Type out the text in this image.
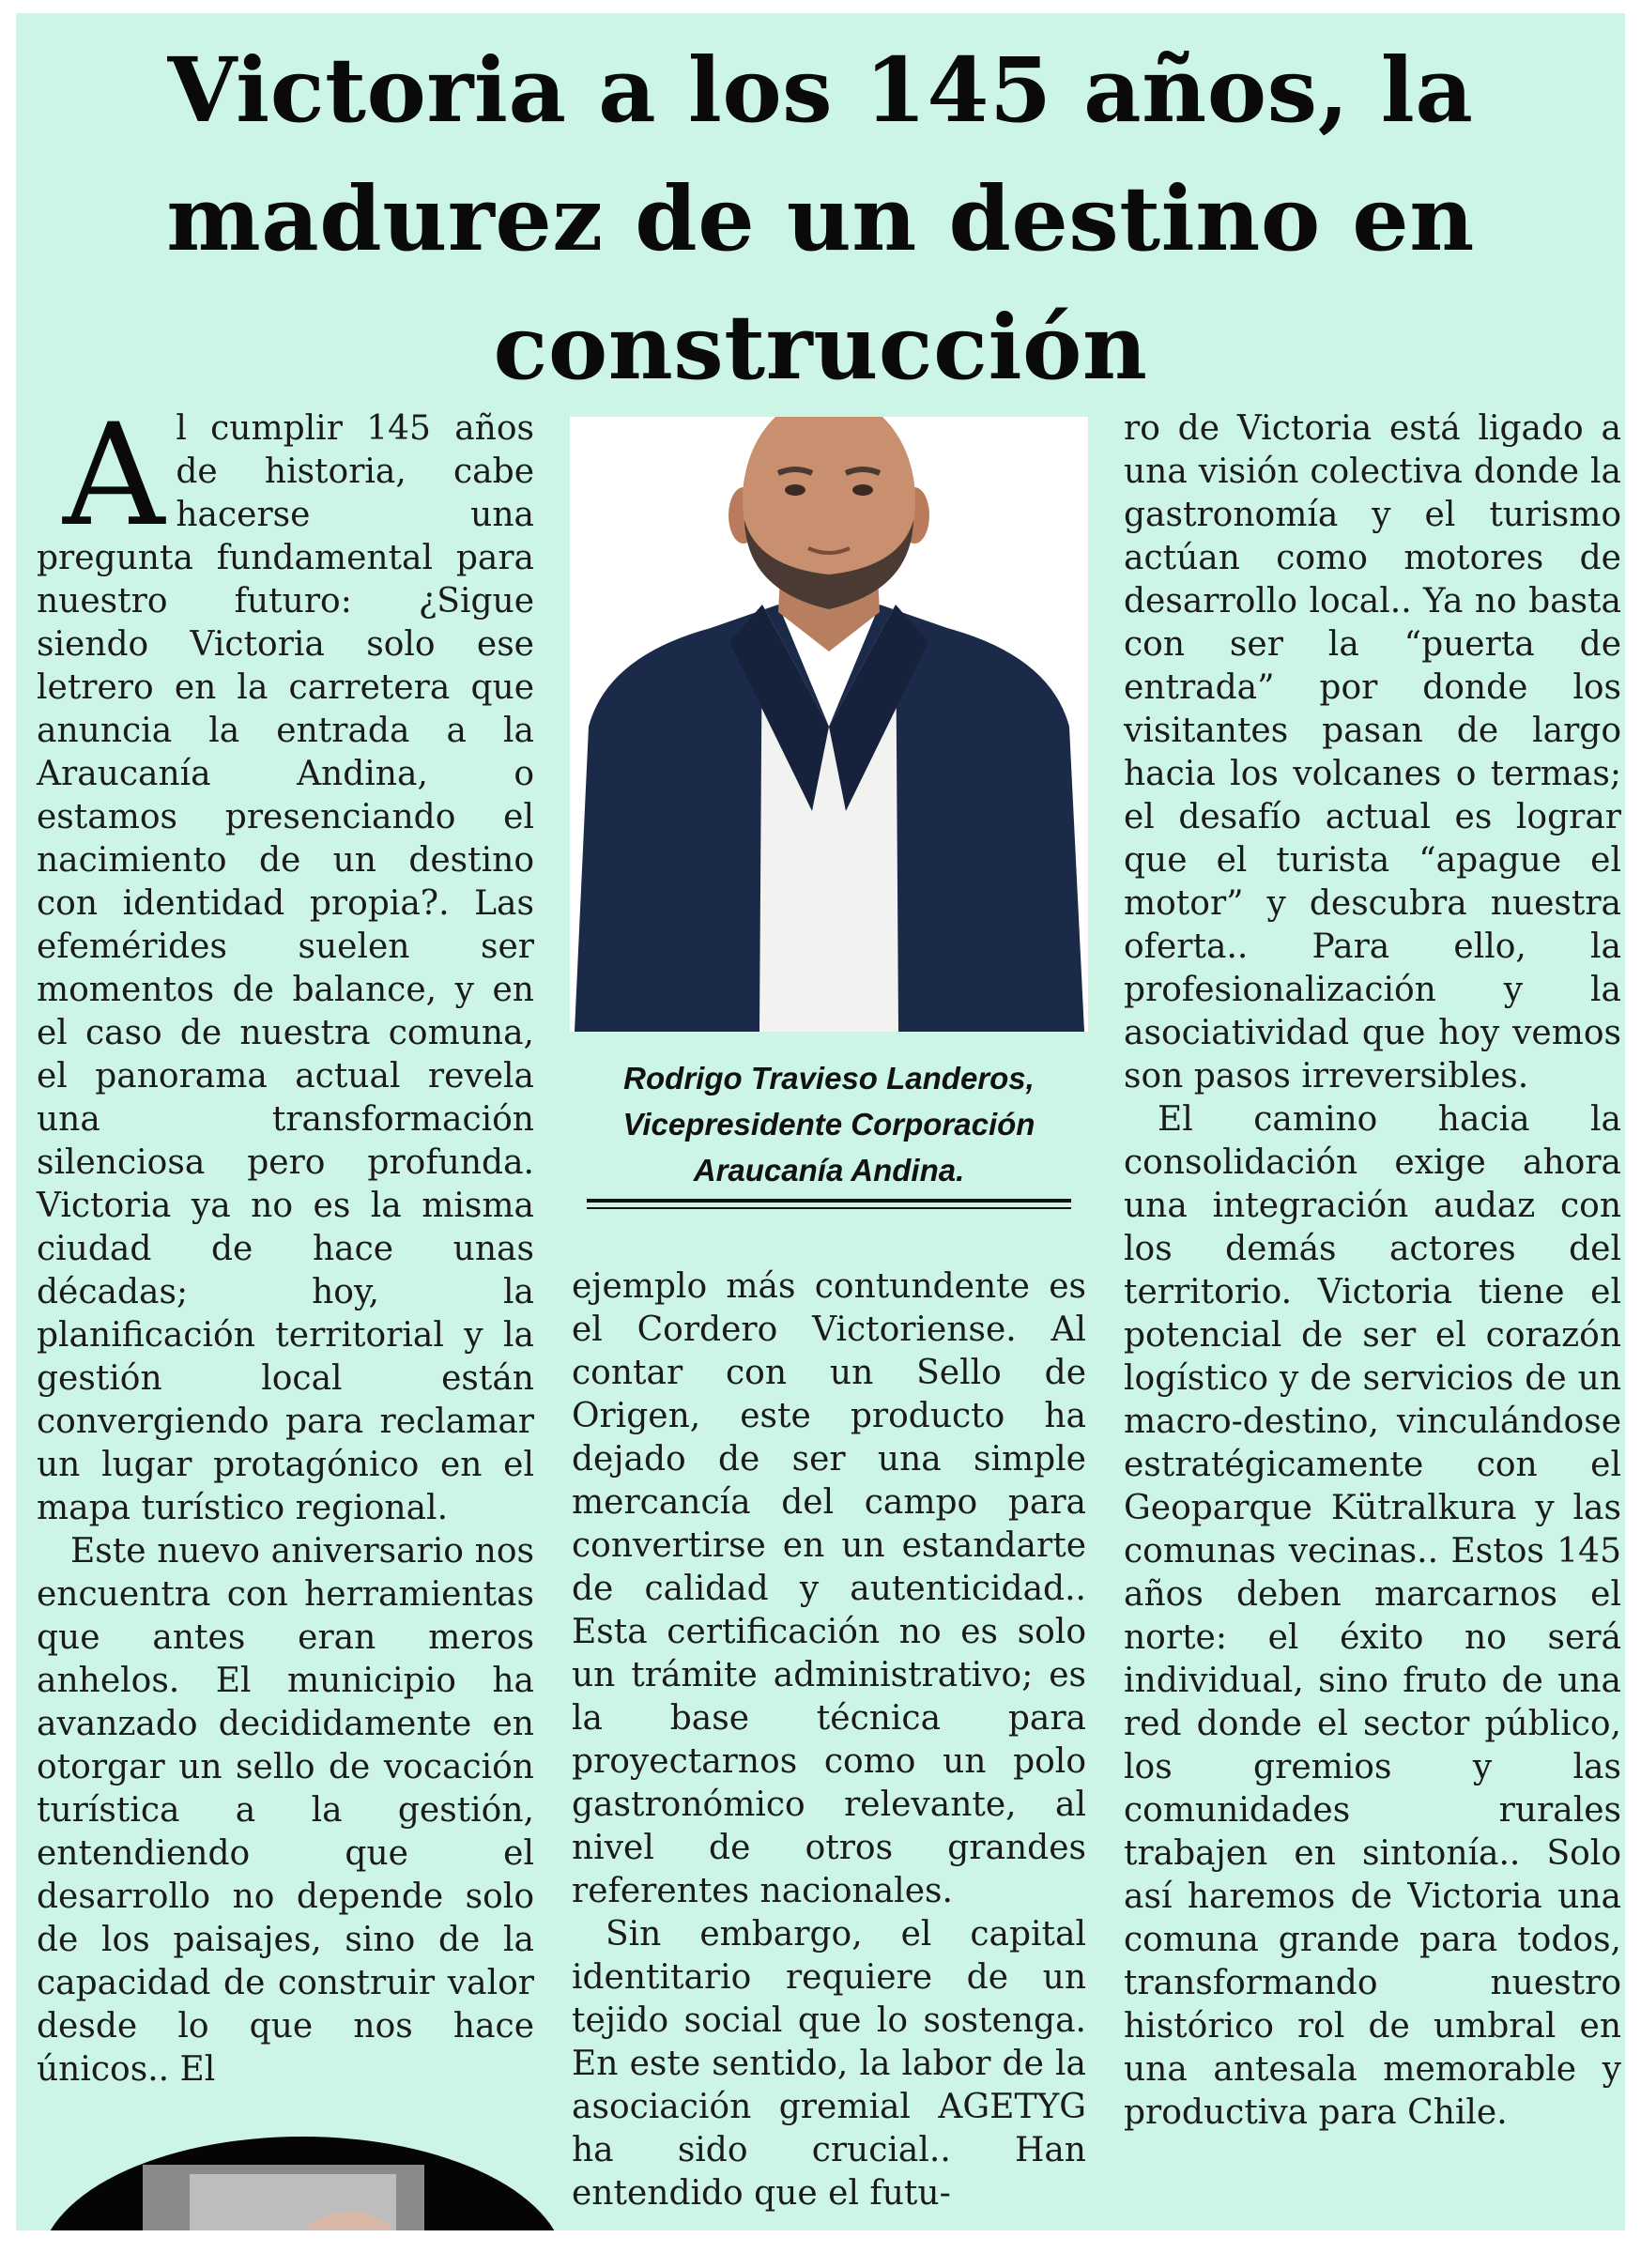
Victoria a los 145 años, la madurez de un destino en construcción

Al cumplir 145 años de historia, cabe hacerse una pregunta fundamental para nuestro futuro: ¿Sigue siendo Victoria solo ese letrero en la carretera que anuncia la entrada a la Araucanía Andina, o estamos presenciando el nacimiento de un destino con identidad propia?. Las efemérides suelen ser momentos de balance, y en el caso de nuestra comuna, el panorama actual revela una transformación silenciosa pero profunda. Victoria ya no es la misma ciudad de hace unas décadas; hoy, la planificación territorial y la gestión local están convergiendo para reclamar un lugar protagónico en el mapa turístico regional.

Este nuevo aniversario nos encuentra con herramientas que antes eran meros anhelos. El municipio ha avanzado decididamente en otorgar un sello de vocación turística a la gestión, entendiendo que el desarrollo no depende solo de los paisajes, sino de la capacidad de construir valor desde lo que nos hace únicos.. El

Rodrigo Travieso Landeros,
Vicepresidente Corporación
Araucanía Andina.

ejemplo más contundente es el Cordero Victoriense. Al contar con un Sello de Origen, este producto ha dejado de ser una simple mercancía del campo para convertirse en un estandarte de calidad y autenticidad.. Esta certificación no es solo un trámite administrativo; es la base técnica para proyectarnos como un polo gastronómico relevante, al nivel de otros grandes referentes nacionales.

Sin embargo, el capital identitario requiere de un tejido social que lo sostenga. En este sentido, la labor de la asociación gremial AGETYG ha sido crucial.. Han entendido que el futu-

ro de Victoria está ligado a una visión colectiva donde la gastronomía y el turismo actúan como motores de desarrollo local.. Ya no basta con ser la “puerta de entrada” por donde los visitantes pasan de largo hacia los volcanes o termas; el desafío actual es lograr que el turista “apague el motor” y descubra nuestra oferta.. Para ello, la profesionalización y la asociatividad que hoy vemos son pasos irreversibles.

El camino hacia la consolidación exige ahora una integración audaz con los demás actores del territorio. Victoria tiene el potencial de ser el corazón logístico y de servicios de un macro-destino, vinculándose estratégicamente con el Geoparque Kütralkura y las comunas vecinas.. Estos 145 años deben marcarnos el norte: el éxito no será individual, sino fruto de una red donde el sector público, los gremios y las comunidades rurales trabajen en sintonía.. Solo así haremos de Victoria una comuna grande para todos, transformando nuestro histórico rol de umbral en una antesala memorable y productiva para Chile.
